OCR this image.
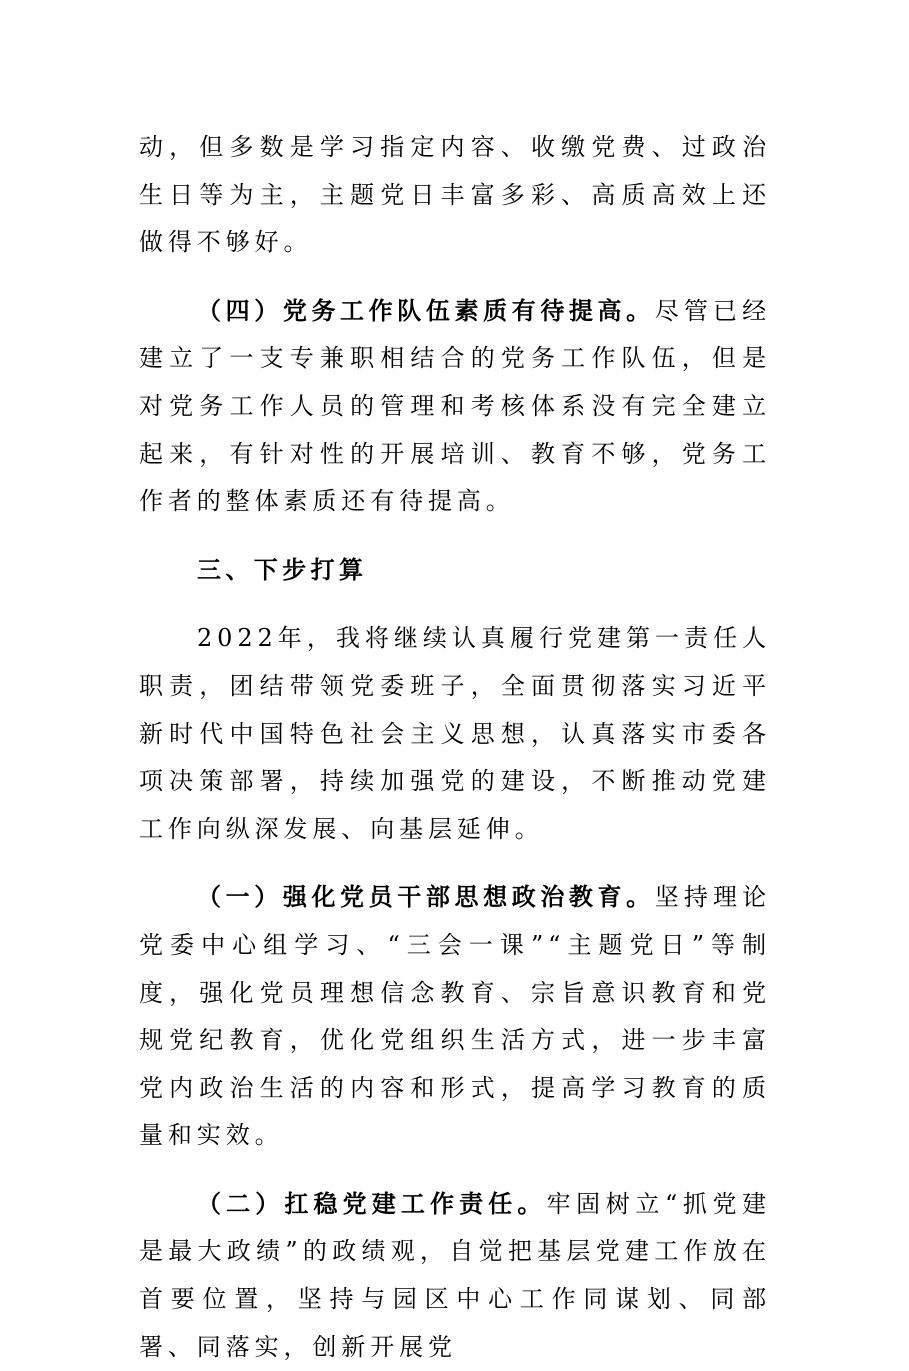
动，但多数是学习指定内容、收缴党费、过政治生日等为主，主题党日丰富多彩、高质高效上还做得不够好。

（四）党务工作队伍素质有待提高。尽管已经建立了一支专兼职相结合的党务工作队伍，但是对党务工作人员的管理和考核体系没有完全建立起来，有针对性的开展培训、教育不够，党务工作者的整体素质还有待提高。

三、下步打算

2022年，我将继续认真履行党建第一责任人职责，团结带领党委班子，全面贯彻落实习近平新时代中国特色社会主义思想，认真落实市委各项决策部署，持续加强党的建设，不断推动党建工作向纵深发展、向基层延伸。

（一）强化党员干部思想政治教育。坚持理论党委中心组学习、“三会一课”“主题党日”等制度，强化党员理想信念教育、宗旨意识教育和党规党纪教育，优化党组织生活方式，进一步丰富党内政治生活的内容和形式，提高学习教育的质量和实效。

（二）扛稳党建工作责任。牢固树立“抓党建是最大政绩”的政绩观，自觉把基层党建工作放在首要位置，坚持与园区中心工作同谋划、同部署、同落实，创新开展党
